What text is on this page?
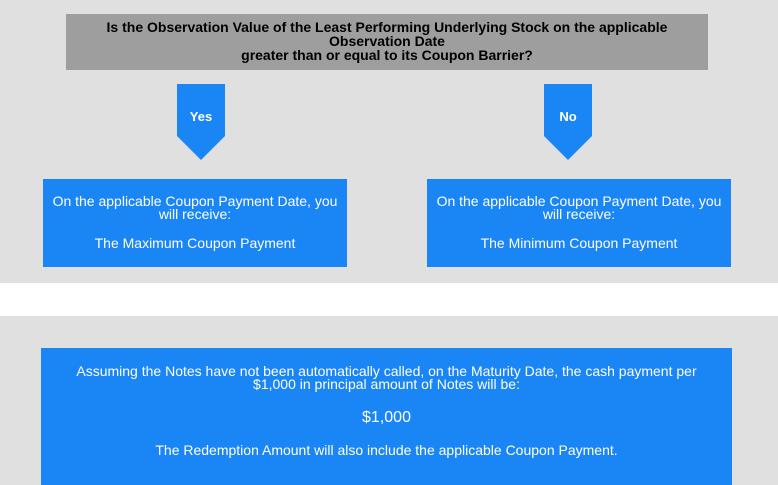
Is the Observation Value of the Least Performing Underlying Stock on the applicable
Observation Date
greater than or equal to its Coupon Barrier?
Yes	No
On the applicable Coupon Payment Date, you
will receive:
The Maximum Coupon Payment
On the applicable Coupon Payment Date, you
will receive:
The Minimum Coupon Payment
Assuming the Notes have not been automatically called, on the Maturity Date, the cash payment per
$1,000 in principal amount of Notes will be:
$1,000
The Redemption Amount will also include the applicable Coupon Payment.
